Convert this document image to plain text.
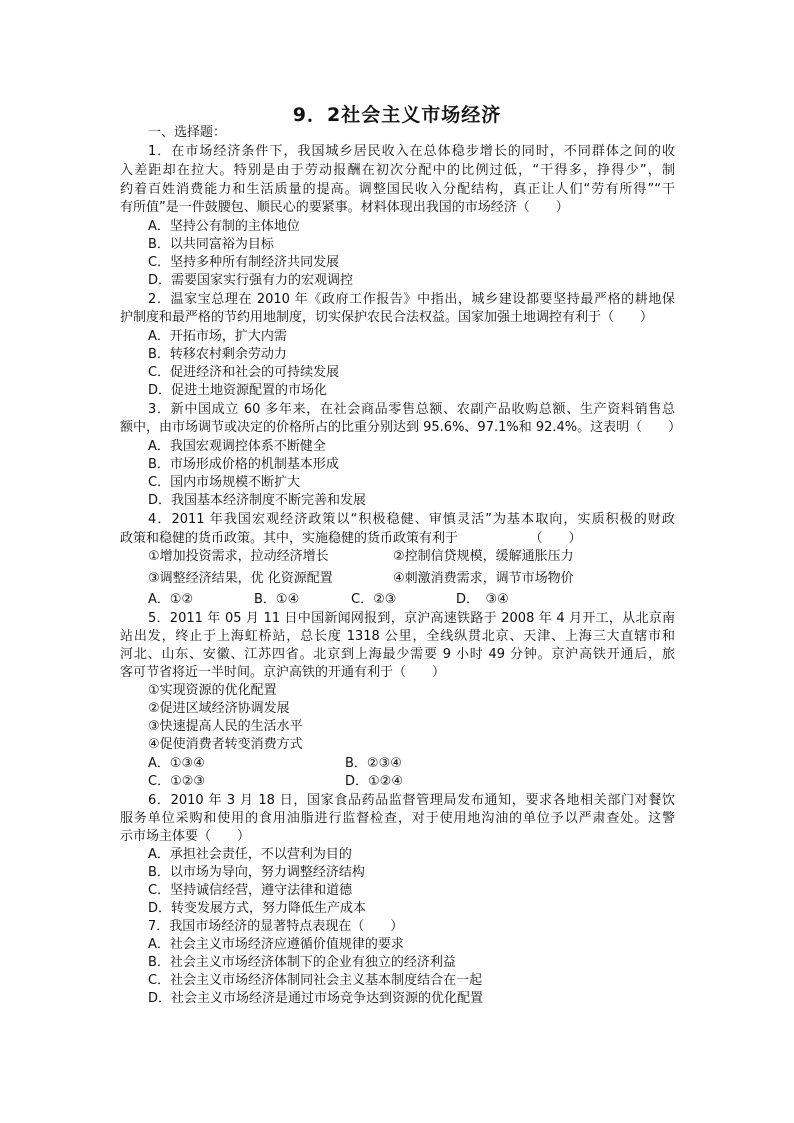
9．2社会主义市场经济
一、选择题：
1．在市场经济条件下，我国城乡居民收入在总体稳步增长的同时，不同群体之间的收
入差距却在拉大。特别是由于劳动报酬在初次分配中的比例过低，“干得多，挣得少”，制
约着百姓消费能力和生活质量的提高。调整国民收入分配结构，真正让人们“劳有所得”“干
有所值”是一件鼓腰包、顺民心的要紧事。材料体现出我国的市场经济（　　）
A．坚持公有制的主体地位
B．以共同富裕为目标
C．坚持多种所有制经济共同发展
D．需要国家实行强有力的宏观调控
2．温家宝总理在 2010 年《政府工作报告》中指出，城乡建设都要坚持最严格的耕地保
护制度和最严格的节约用地制度，切实保护农民合法权益。国家加强土地调控有利于（　　）
A．开拓市场，扩大内需
B．转移农村剩余劳动力
C．促进经济和社会的可持续发展
D．促进土地资源配置的市场化
3．新中国成立 60 多年来，在社会商品零售总额、农副产品收购总额、生产资料销售总
额中，由市场调节或决定的价格所占的比重分别达到 95.6%、97.1%和 92.4%。这表明（　　）
A．我国宏观调控体系不断健全
B．市场形成价格的机制基本形成
C．国内市场规模不断扩大
D．我国基本经济制度不断完善和发展
4．2011 年我国宏观经济政策以“积极稳健、审慎灵活”为基本取向，实质积极的财政
政策和稳健的货币政策。其中，实施稳健的货币政策有利于　　　　　　（　　）
①增加投资需求，拉动经济增长	②控制信贷规模，缓解通胀压力
③调整经济结果，优 化资源配置	④刺激消费需求，调节市场物价
A．①②	B．①④	C．②③	D．　③④
5．2011 年 05 月 11 日中国新闻网报到，京沪高速铁路于 2008 年 4 月开工，从北京南
站出发，终止于上海虹桥站，总长度 1318 公里，全线纵贯北京、天津、上海三大直辖市和
河北、山东、安徽、江苏四省。北京到上海最少需要 9 小时 49 分钟。京沪高铁开通后，旅
客可节省将近一半时间。京沪高铁的开通有利于（　　）
①实现资源的优化配置
②促进区域经济协调发展
③快速提高人民的生活水平
④促使消费者转变消费方式
A．①③④	B．②③④
C．①②③	D．①②④
6．2010 年 3 月 18 日，国家食品药品监督管理局发布通知，要求各地相关部门对餐饮
服务单位采购和使用的食用油脂进行监督检查，对于使用地沟油的单位予以严肃查处。这警
示市场主体要（　　）
A．承担社会责任，不以营利为目的
B．以市场为导向，努力调整经济结构
C．坚持诚信经营，遵守法律和道德
D．转变发展方式，努力降低生产成本
7．我国市场经济的显著特点表现在（　　）
A．社会主义市场经济应遵循价值规律的要求
B．社会主义市场经济体制下的企业有独立的经济利益
C．社会主义市场经济体制同社会主义基本制度结合在一起
D．社会主义市场经济是通过市场竞争达到资源的优化配置
